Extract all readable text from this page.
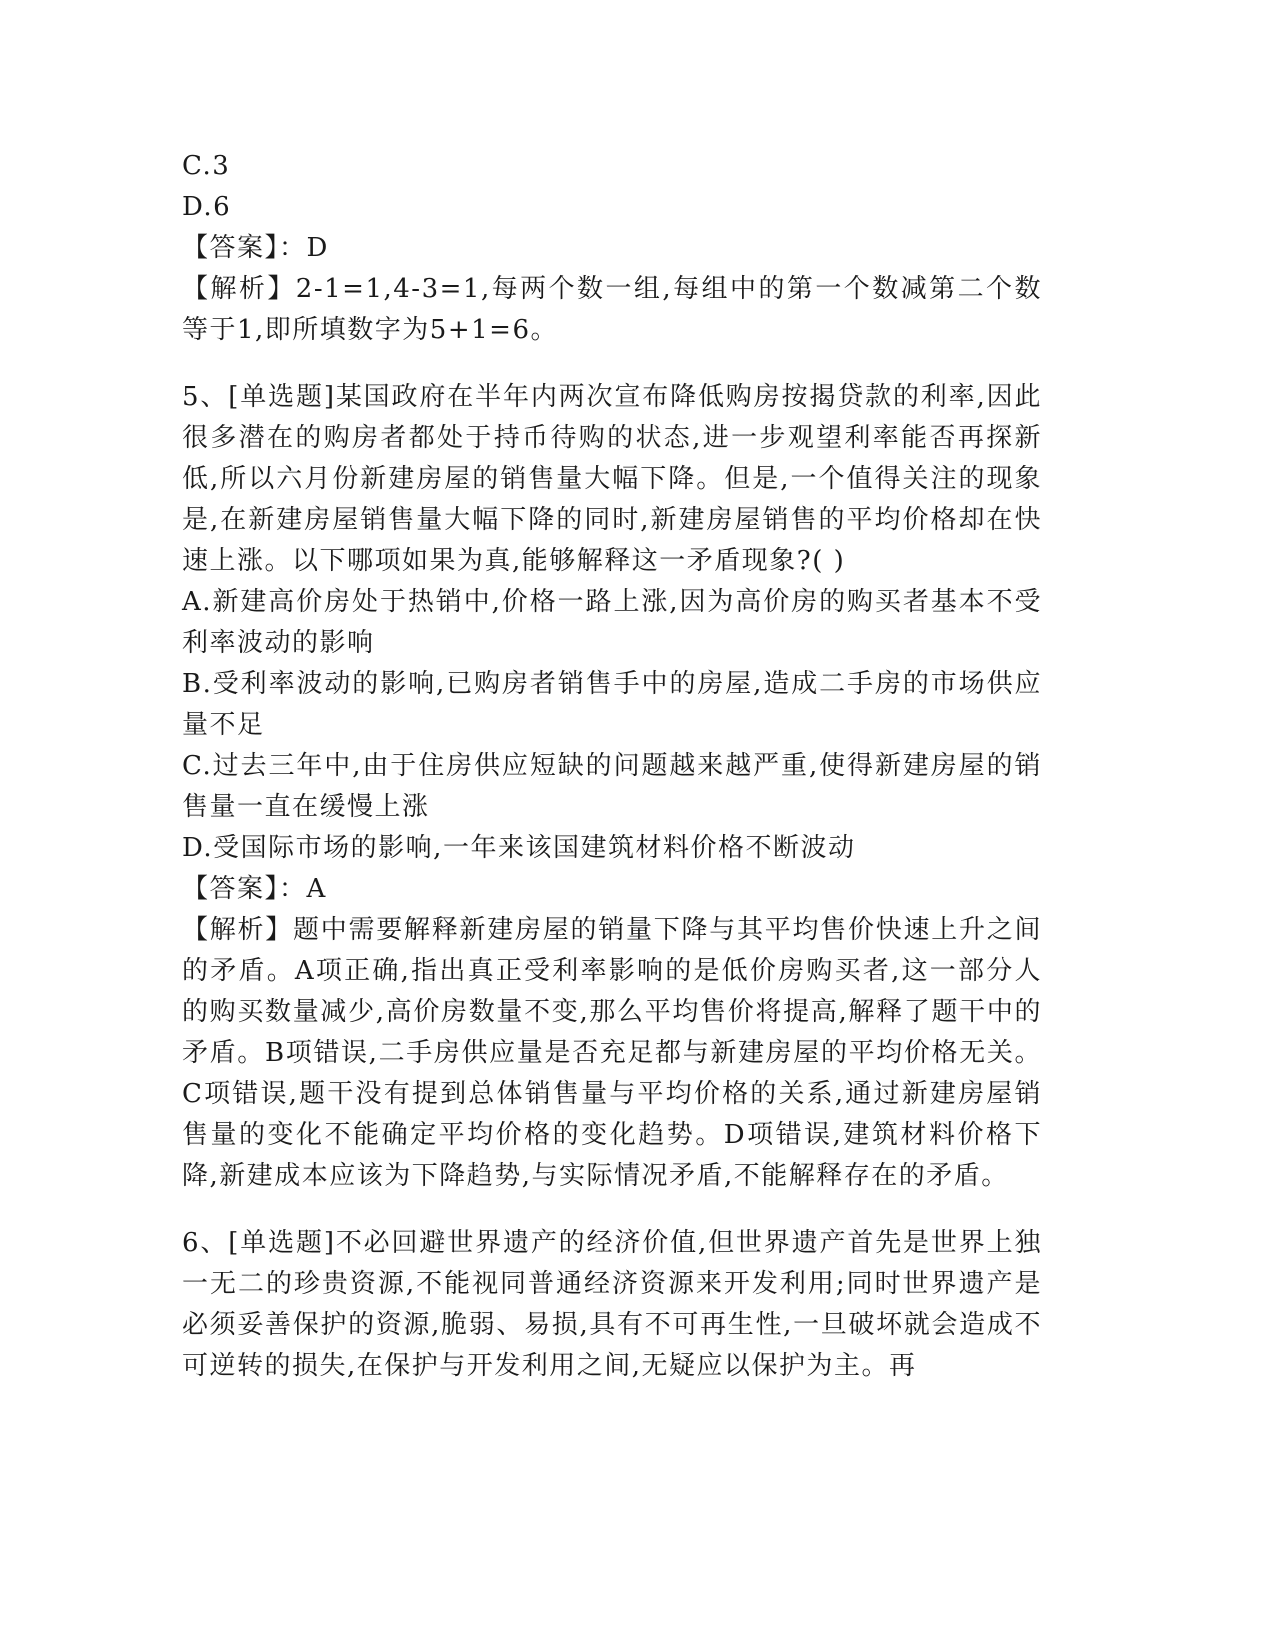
C.3

D.6

【答案】：D

【解析】2-1=1,4-3=1,每两个数一组,每组中的第一个数减第二个数等于1,即所填数字为5+1=6。

5、[单选题]某国政府在半年内两次宣布降低购房按揭贷款的利率,因此很多潜在的购房者都处于持币待购的状态,进一步观望利率能否再探新低,所以六月份新建房屋的销售量大幅下降。但是,一个值得关注的现象是,在新建房屋销售量大幅下降的同时,新建房屋销售的平均价格却在快速上涨。以下哪项如果为真,能够解释这一矛盾现象?( )

A.新建高价房处于热销中,价格一路上涨,因为高价房的购买者基本不受利率波动的影响

B.受利率波动的影响,已购房者销售手中的房屋,造成二手房的市场供应量不足

C.过去三年中,由于住房供应短缺的问题越来越严重,使得新建房屋的销售量一直在缓慢上涨

D.受国际市场的影响,一年来该国建筑材料价格不断波动

【答案】：A

【解析】题中需要解释新建房屋的销量下降与其平均售价快速上升之间的矛盾。A项正确,指出真正受利率影响的是低价房购买者,这一部分人的购买数量减少,高价房数量不变,那么平均售价将提高,解释了题干中的矛盾。B项错误,二手房供应量是否充足都与新建房屋的平均价格无关。C项错误,题干没有提到总体销售量与平均价格的关系,通过新建房屋销售量的变化不能确定平均价格的变化趋势。D项错误,建筑材料价格下降,新建成本应该为下降趋势,与实际情况矛盾,不能解释存在的矛盾。

6、[单选题]不必回避世界遗产的经济价值,但世界遗产首先是世界上独一无二的珍贵资源,不能视同普通经济资源来开发利用;同时世界遗产是必须妥善保护的资源,脆弱、易损,具有不可再生性,一旦破坏就会造成不可逆转的损失,在保护与开发利用之间,无疑应以保护为主。再
